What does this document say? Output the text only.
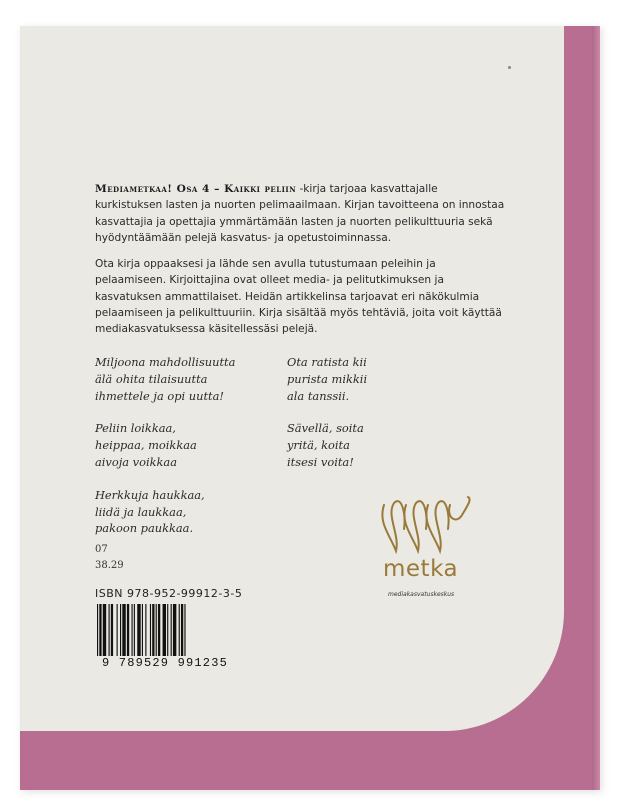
Mediametkaa! Osa 4 – Kaikki peliin -kirja tarjoaa kasvattajalle kurkistuksen lasten ja nuorten pelimaailmaan. Kirjan tavoitteena on innostaa kasvattajia ja opettajia ymmärtämään lasten ja nuorten pelikulttuuria sekä hyödyntäämään pelejä kasvatus- ja opetustoiminnassa.

Ota kirja oppaaksesi ja lähde sen avulla tutustumaan peleihin ja pelaamiseen. Kirjoittajina ovat olleet media- ja pelitutkimuksen ja kasvatuksen ammattilaiset. Heidän artikkelinsa tarjoavat eri näkökulmia pelaamiseen ja pelikulttuuriin. Kirja sisältää myös tehtäviä, joita voit käyttää mediakasvatuksessa käsitellessäsi pelejä.

Miljoona mahdollisuutta
älä ohita tilaisuutta
ihmettele ja opi uutta!
Peliin loikkaa,
heippaa, moikkaa
aivoja voikkaa
Herkkuja haukkaa,
liidä ja laukkaa,
pakoon paukkaa.
Ota ratista kii
purista mikkii
ala tanssii.
Sävellä, soita
yritä, koita
itsesi voita!
07
38.29
ISBN 978-952-99912-3-5
9 789529 991235
metka
mediakasvatuskeskus
